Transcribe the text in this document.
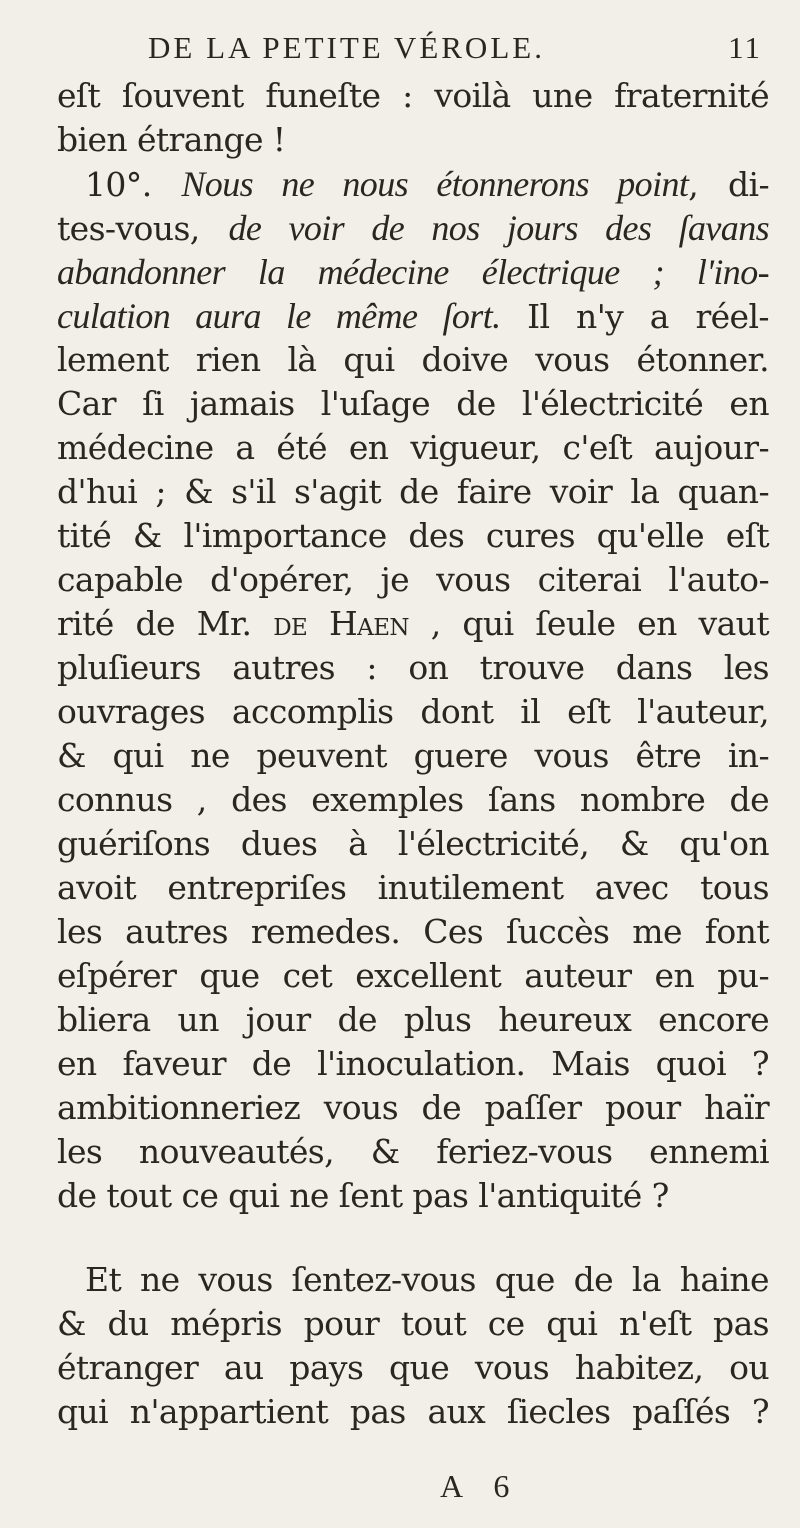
DE LA PETITE VÉROLE.	11
eſt ſouvent funeſte : voilà une fraternité
bien étrange !
10°. Nous ne nous étonnerons point, di-
tes-vous, de voir de nos jours des ſavans
abandonner la médecine électrique ; l'ino-
culation aura le même ſort. Il n'y a réel-
lement rien là qui doive vous étonner.
Car ſi jamais l'uſage de l'électricité en
médecine a été en vigueur, c'eſt aujour-
d'hui ; & s'il s'agit de faire voir la quan-
tité & l'importance des cures qu'elle eſt
capable d'opérer, je vous citerai l'auto-
rité de Mr. de Haen , qui ſeule en vaut
pluſieurs autres : on trouve dans les
ouvrages accomplis dont il eſt l'auteur,
& qui ne peuvent guere vous être in-
connus , des exemples ſans nombre de
guériſons dues à l'électricité, & qu'on
avoit entrepriſes inutilement avec tous
les autres remedes. Ces ſuccès me font
eſpérer que cet excellent auteur en pu-
bliera un jour de plus heureux encore
en faveur de l'inoculation. Mais quoi ?
ambitionneriez vous de paſſer pour haïr
les nouveautés, & feriez-vous ennemi
de tout ce qui ne ſent pas l'antiquité ?
Et ne vous ſentez-vous que de la haine
& du mépris pour tout ce qui n'eſt pas
étranger au pays que vous habitez, ou
qui n'appartient pas aux ſiecles paſſés ?
A 6
